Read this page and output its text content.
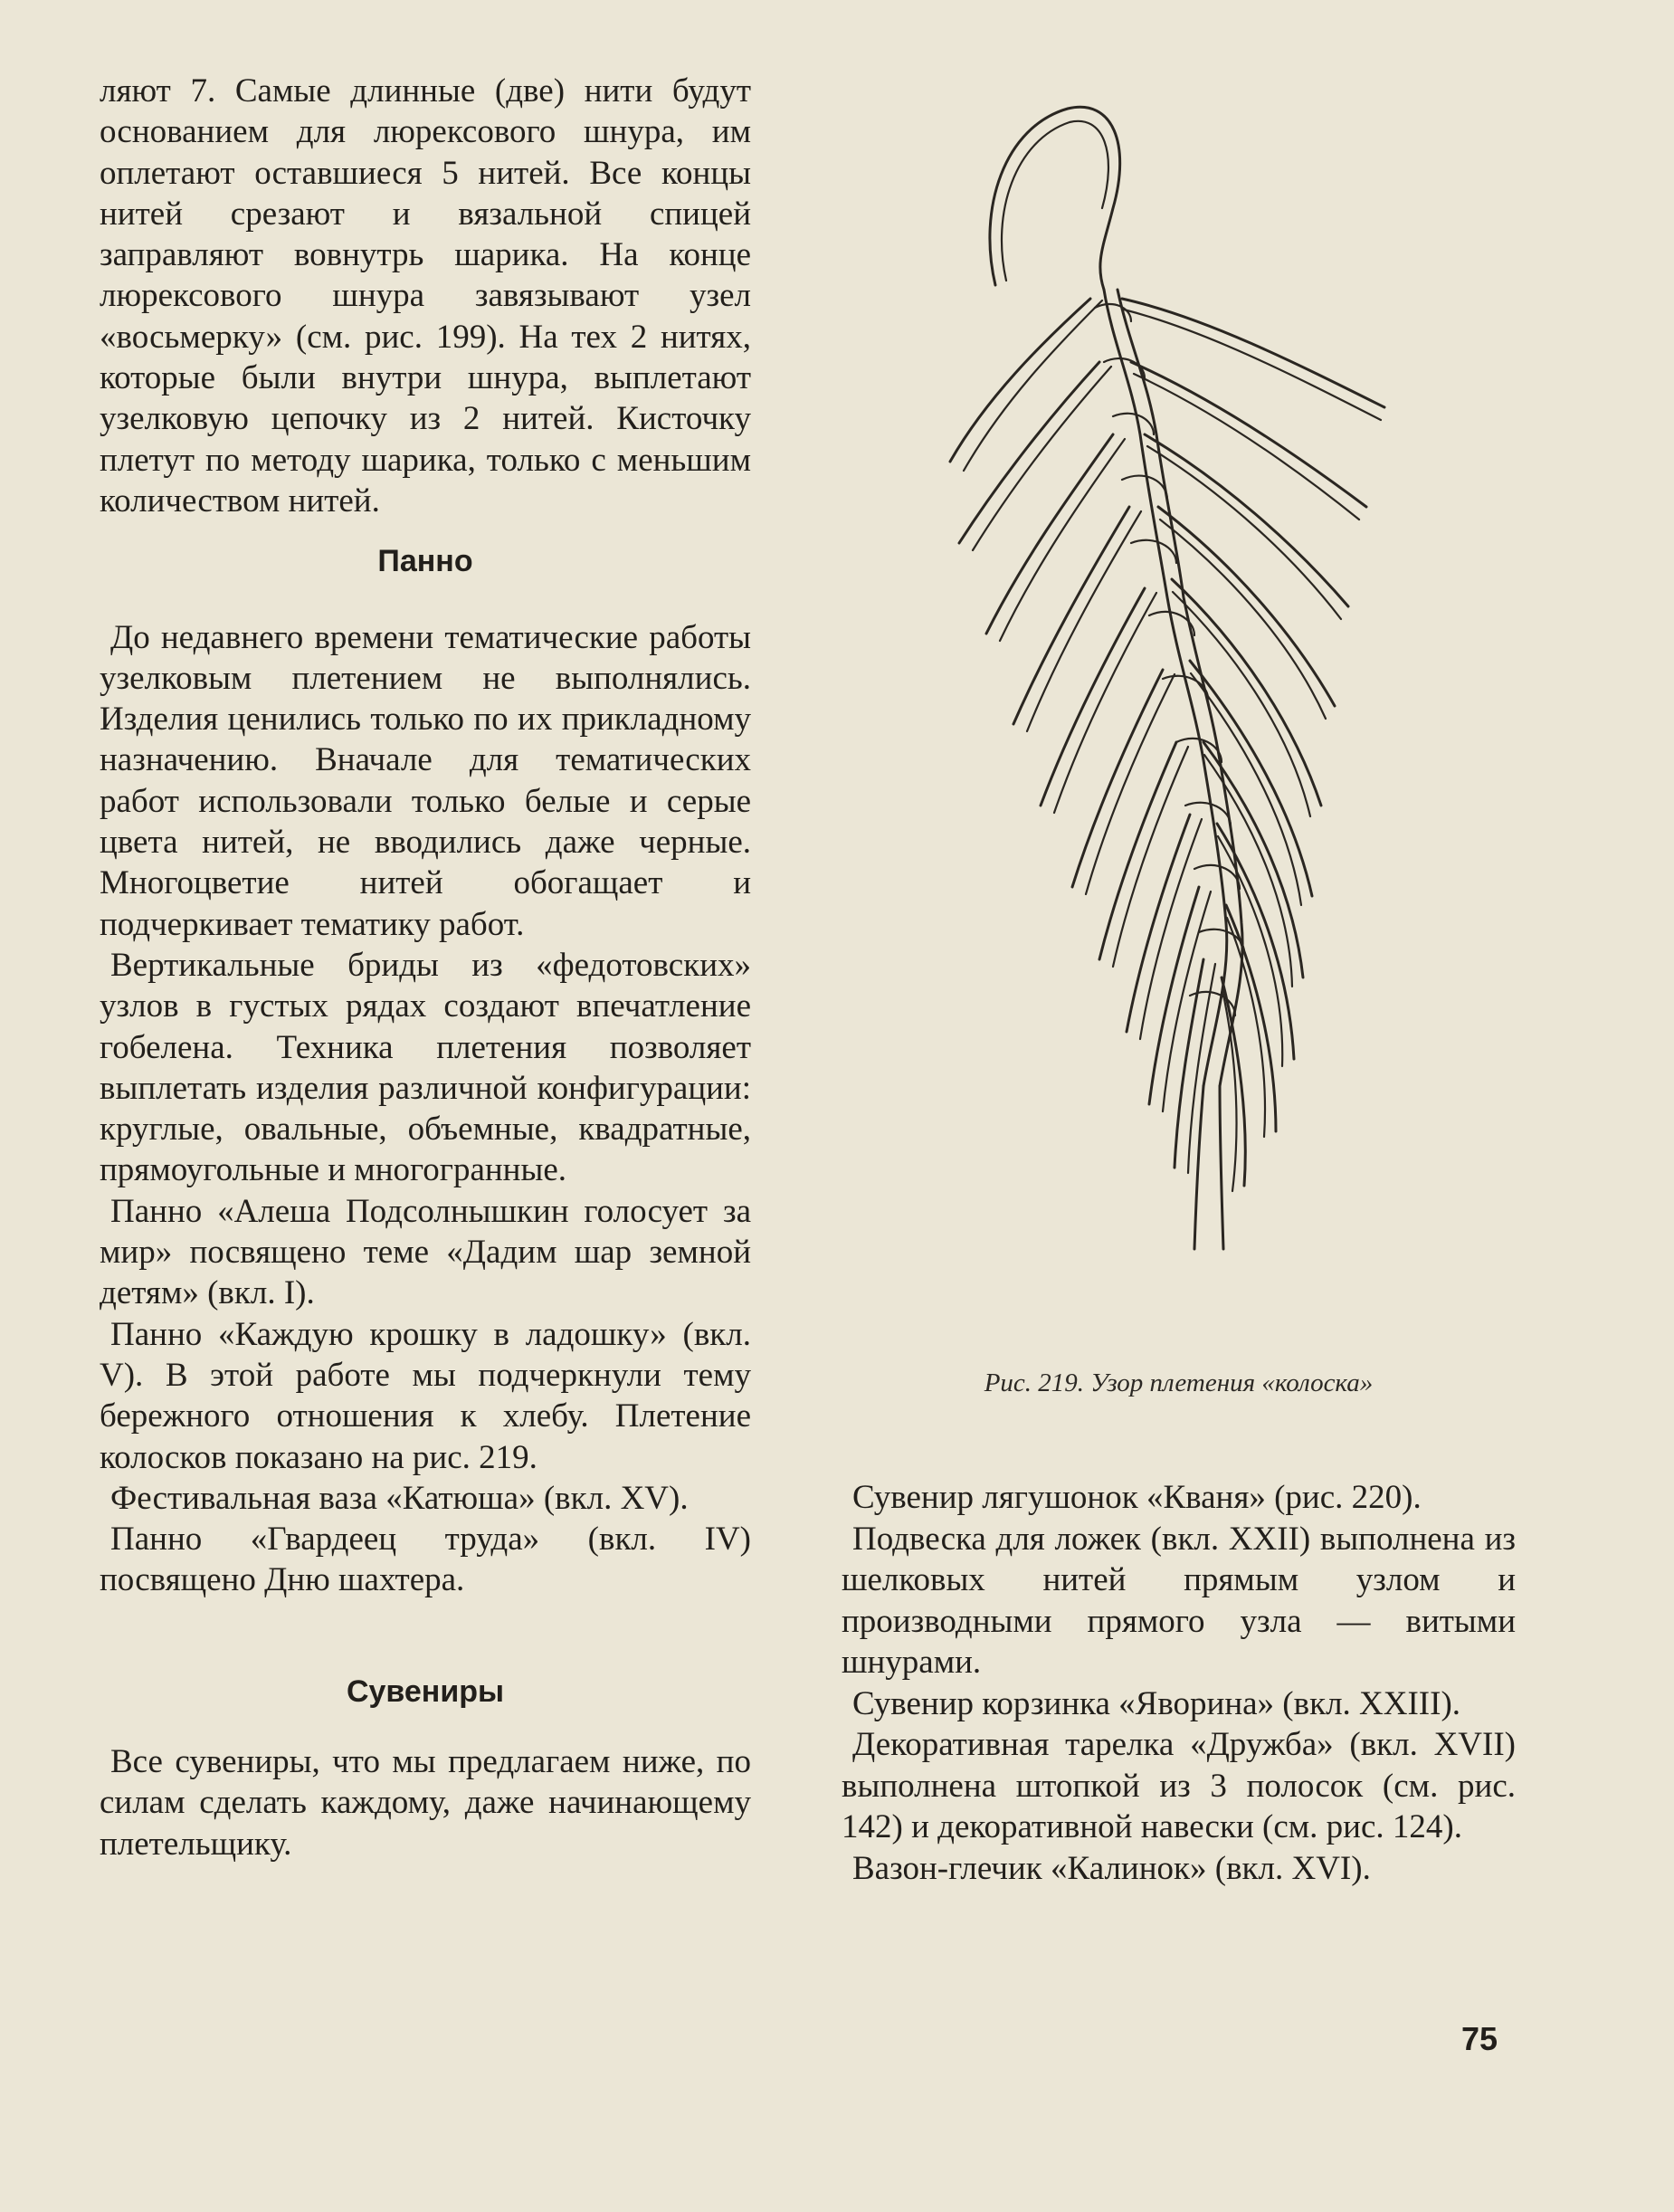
ляют 7. Самые длинные (две) нити будут основанием для люрексового шнура, им оплетают оставшиеся 5 нитей. Все концы нитей срезают и вязальной спицей заправляют вовнутрь шарика. На конце люрексового шнура завязывают узел «восьмерку» (см. рис. 199). На тех 2 нитях, которые были внутри шнура, выплетают узелковую цепочку из 2 нитей. Кисточку плетут по методу шарика, только с меньшим количеством нитей.

Панно

До недавнего времени тематические работы узелковым плетением не выполнялись. Изделия ценились только по их прикладному назначению. Вначале для тематических работ использовали только белые и серые цвета нитей, не вводились даже черные. Многоцветие нитей обогащает и подчеркивает тематику работ.

Вертикальные бриды из «федотовских» узлов в густых рядах создают впечатление гобелена. Техника плетения позволяет выплетать изделия различной конфигурации: круглые, овальные, объемные, квадратные, прямоугольные и многогранные.

Панно «Алеша Подсолнышкин голосует за мир» посвящено теме «Дадим шар земной детям» (вкл. I).

Панно «Каждую крошку в ладошку» (вкл. V). В этой работе мы подчеркнули тему бережного отношения к хлебу. Плетение колосков показано на рис. 219.

Фестивальная ваза «Катюша» (вкл. XV).

Панно «Гвардеец труда» (вкл. IV) посвящено Дню шахтера.

Сувениры

Все сувениры, что мы предлагаем ниже, по силам сделать каждому, даже начинающему плетельщику.

Рис. 219. Узор плетения «колоска»

Сувенир лягушонок «Кваня» (рис. 220).

Подвеска для ложек (вкл. XXII) выполнена из шелковых нитей прямым узлом и производными прямого узла — витыми шнурами.

Сувенир корзинка «Яворина» (вкл. XXIII).

Декоративная тарелка «Дружба» (вкл. XVII) выполнена штопкой из 3 полосок (см. рис. 142) и декоративной навески (см. рис. 124).

Вазон-глечик «Калинок» (вкл. XVI).

75
